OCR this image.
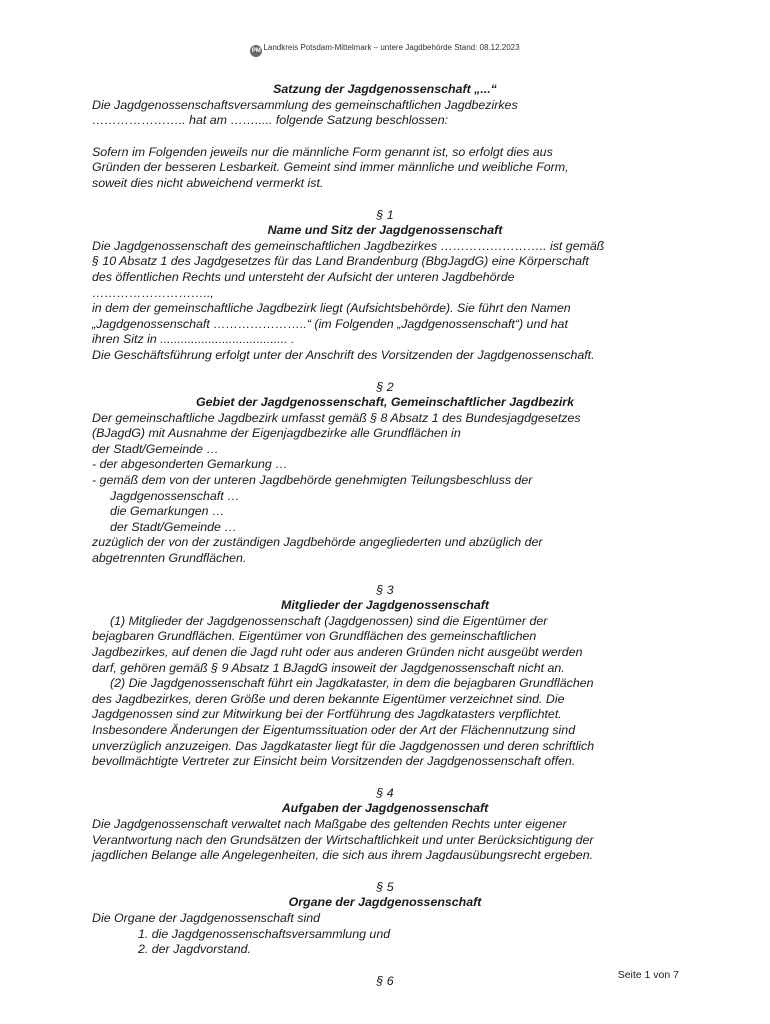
PM Landkreis Potsdam-Mittelmark – untere Jagdbehörde Stand: 08.12.2023

Satzung der Jagdgenossenschaft „...“

Die Jagdgenossenschaftsversammlung des gemeinschaftlichen Jagdbezirkes

………………….. hat am ……..... folgende Satzung beschlossen:

Sofern im Folgenden jeweils nur die männliche Form genannt ist, so erfolgt dies aus

Gründen der besseren Lesbarkeit. Gemeint sind immer männliche und weibliche Form,

soweit dies nicht abweichend vermerkt ist.

§ 1

Name und Sitz der Jagdgenossenschaft

Die Jagdgenossenschaft des gemeinschaftlichen Jagdbezirkes …………………….. ist gemäß

§ 10 Absatz 1 des Jagdgesetzes für das Land Brandenburg (BbgJagdG) eine Körperschaft

des öffentlichen Rechts und untersteht der Aufsicht der unteren Jagdbehörde

………………………..,

in dem der gemeinschaftliche Jagdbezirk liegt (Aufsichtsbehörde). Sie führt den Namen

„Jagdgenossenschaft …………………..“ (im Folgenden „Jagdgenossenschaft“) und hat

ihren Sitz in ..................................... .

Die Geschäftsführung erfolgt unter der Anschrift des Vorsitzenden der Jagdgenossenschaft.

§ 2

Gebiet der Jagdgenossenschaft, Gemeinschaftlicher Jagdbezirk

Der gemeinschaftliche Jagdbezirk umfasst gemäß § 8 Absatz 1 des Bundesjagdgesetzes

(BJagdG) mit Ausnahme der Eigenjagdbezirke alle Grundflächen in

der Stadt/Gemeinde …

- der abgesonderten Gemarkung …

- gemäß dem von der unteren Jagdbehörde genehmigten Teilungsbeschluss der

Jagdgenossenschaft …

die Gemarkungen …

der Stadt/Gemeinde …

zuzüglich der von der zuständigen Jagdbehörde angegliederten und abzüglich der

abgetrennten Grundflächen.

§ 3

Mitglieder der Jagdgenossenschaft

(1) Mitglieder der Jagdgenossenschaft (Jagdgenossen) sind die Eigentümer der

bejagbaren Grundflächen. Eigentümer von Grundflächen des gemeinschaftlichen

Jagdbezirkes, auf denen die Jagd ruht oder aus anderen Gründen nicht ausgeübt werden

darf, gehören gemäß § 9 Absatz 1 BJagdG insoweit der Jagdgenossenschaft nicht an.

(2) Die Jagdgenossenschaft führt ein Jagdkataster, in dem die bejagbaren Grundflächen

des Jagdbezirkes, deren Größe und deren bekannte Eigentümer verzeichnet sind. Die

Jagdgenossen sind zur Mitwirkung bei der Fortführung des Jagdkatasters verpflichtet.

Insbesondere Änderungen der Eigentumssituation oder der Art der Flächennutzung sind

unverzüglich anzuzeigen. Das Jagdkataster liegt für die Jagdgenossen und deren schriftlich

bevollmächtigte Vertreter zur Einsicht beim Vorsitzenden der Jagdgenossenschaft offen.

§ 4

Aufgaben der Jagdgenossenschaft

Die Jagdgenossenschaft verwaltet nach Maßgabe des geltenden Rechts unter eigener

Verantwortung nach den Grundsätzen der Wirtschaftlichkeit und unter Berücksichtigung der

jagdlichen Belange alle Angelegenheiten, die sich aus ihrem Jagdausübungsrecht ergeben.

§ 5

Organe der Jagdgenossenschaft

Die Organe der Jagdgenossenschaft sind

1. die Jagdgenossenschaftsversammlung und

2. der Jagdvorstand.

§ 6	Seite 1 von 7
